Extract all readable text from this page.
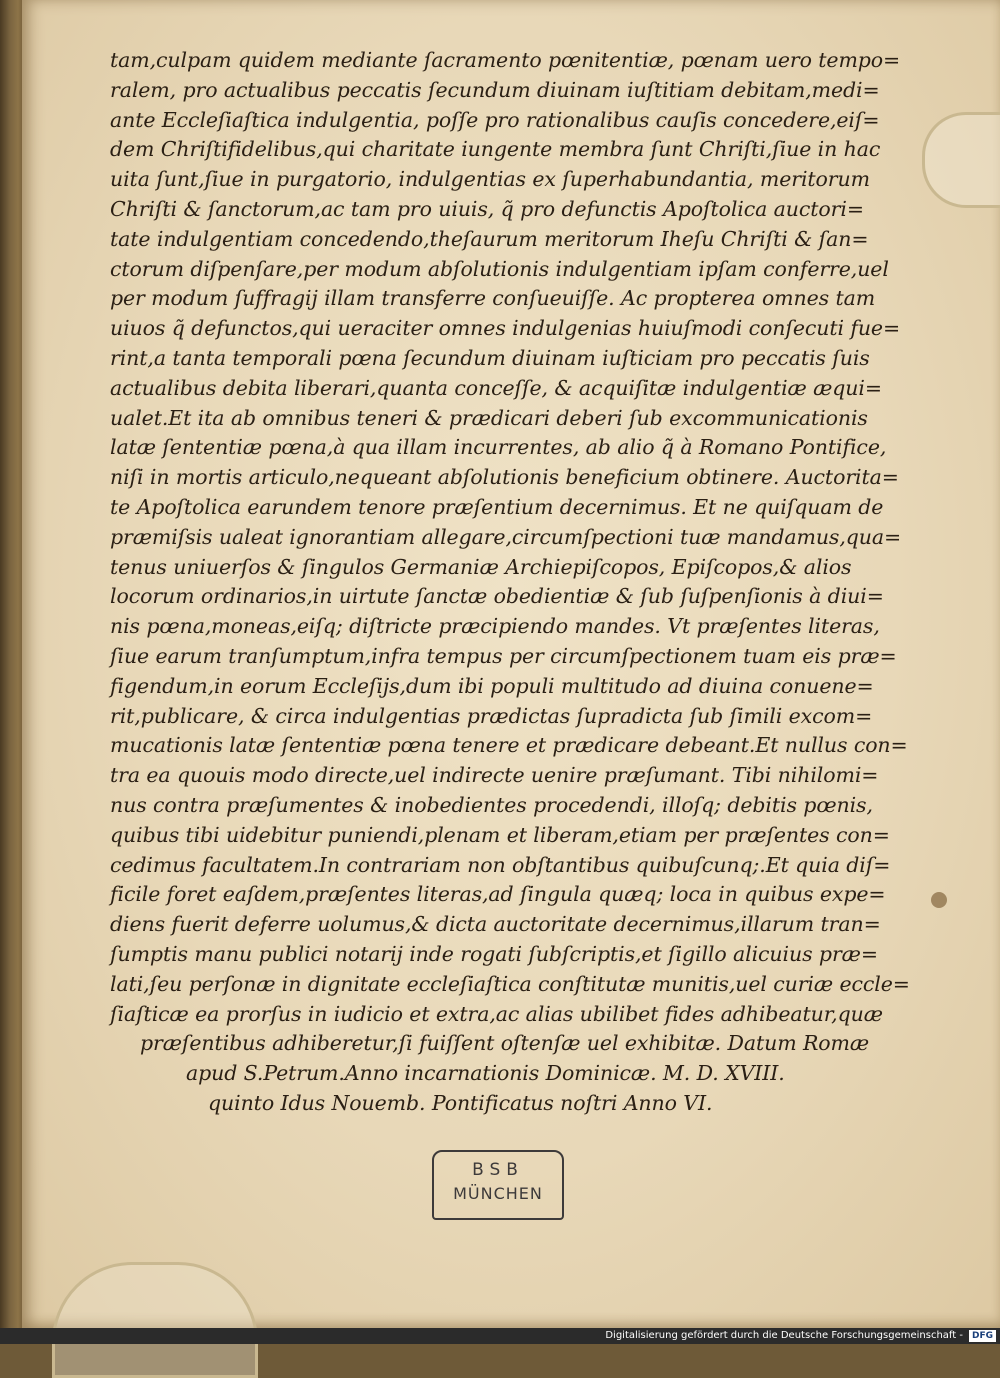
tam,culpam quidem mediante ſacramento pœnitentiæ, pœnam uero tempo=
ralem, pro actualibus peccatis ſecundum diuinam iuſtitiam debitam,medi=
ante Eccleſiaſtica indulgentia, poſſe pro rationalibus cauſis concedere,eiſ=
dem Chriſtifidelibus,qui charitate iungente membra ſunt Chriſti,ſiue in hac
uita ſunt,ſiue in purgatorio, indulgentias ex ſuperhabundantia, meritorum
Chriſti & ſanctorum,ac tam pro uiuis, q̃ pro defunctis Apoſtolica auctori=
tate indulgentiam concedendo,theſaurum meritorum Iheſu Chriſti & ſan=
ctorum diſpenſare,per modum abſolutionis indulgentiam ipſam conferre,uel
per modum ſuffragij illam transferre conſueuiſſe. Ac propterea omnes tam
uiuos q̃ defunctos,qui ueraciter omnes indulgenias huiuſmodi conſecuti fue=
rint,a tanta temporali pœna ſecundum diuinam iuſticiam pro peccatis ſuis
actualibus debita liberari,quanta conceſſe, & acquiſitæ indulgentiæ æqui=
ualet.Et ita ab omnibus teneri & prædicari deberi ſub excommunicationis
latæ ſententiæ pœna,à qua illam incurrentes, ab alio q̃ à Romano Pontifice,
niſi in mortis articulo,nequeant abſolutionis beneficium obtinere. Auctorita=
te Apoſtolica earundem tenore præſentium decernimus. Et ne quiſquam de
præmiſsis ualeat ignorantiam allegare,circumſpectioni tuæ mandamus,qua=
tenus uniuerſos & ſingulos Germaniæ Archiepiſcopos, Epiſcopos,& alios
locorum ordinarios,in uirtute ſanctæ obedientiæ & ſub ſuſpenſionis à diui=
nis pœna,moneas,eiſq; diſtricte præcipiendo mandes. Vt præſentes literas,
ſiue earum tranſumptum,infra tempus per circumſpectionem tuam eis præ=
figendum,in eorum Eccleſijs,dum ibi populi multitudo ad diuina conuene=
rit,publicare, & circa indulgentias prædictas ſupradicta ſub ſimili excom=
mucationis latæ ſententiæ pœna tenere et prædicare debeant.Et nullus con=
tra ea quouis modo directe,uel indirecte uenire præſumant. Tibi nihilomi=
nus contra præſumentes & inobedientes procedendi, illoſq; debitis pœnis,
quibus tibi uidebitur puniendi,plenam et liberam,etiam per præſentes con=
cedimus facultatem.In contrariam non obſtantibus quibuſcunq;.Et quia diſ=
ficile foret eaſdem,præſentes literas,ad ſingula quæq; loca in quibus expe=
diens fuerit deferre uolumus,& dicta auctoritate decernimus,illarum tran=
ſumptis manu publici notarij inde rogati ſubſcriptis,et ſigillo alicuius præ=
lati,ſeu perſonæ in dignitate eccleſiaſtica conſtitutæ munitis,uel curiæ eccle=
ſiaſticæ ea prorſus in iudicio et extra,ac alias ubilibet fides adhibeatur,quæ
præſentibus adhiberetur,ſi fuiſſent oſtenſæ uel exhibitæ. Datum Romæ
apud S.Petrum.Anno incarnationis Dominicæ. M. D. XVIII.
quinto Idus Nouemb. Pontificatus noſtri Anno VI.
BSB
MÜNCHEN
Digitalisierung gefördert durch die Deutsche Forschungsgemeinschaft - DFG
